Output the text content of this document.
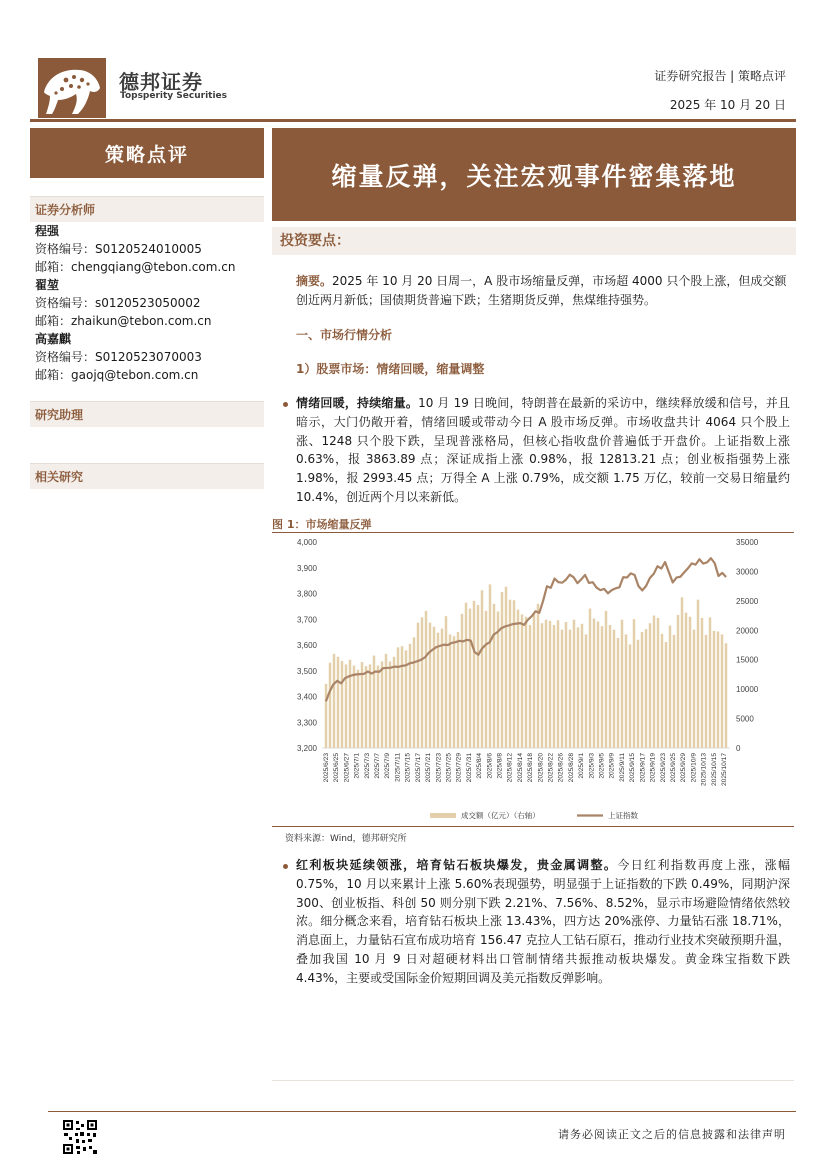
德邦证券
Topsperity Securities
证券研究报告 | 策略点评
2025 年 10 月 20 日
策略点评
缩量反弹，关注宏观事件密集落地
证券分析师
程强
资格编号：S0120524010005
邮箱：chengqiang@tebon.com.cn
翟堃
资格编号：s0120523050002
邮箱：zhaikun@tebon.com.cn
高嘉麒
资格编号：S0120523070003
邮箱：gaojq@tebon.com.cn
研究助理
相关研究
投资要点：
摘要。2025 年 10 月 20 日周一，A 股市场缩量反弹，市场超 4000 只个股上涨，但成交额创近两月新低；国债期货普遍下跌；生猪期货反弹，焦煤维持强势。
一、市场行情分析
1）股票市场：情绪回暖，缩量调整
情绪回暖，持续缩量。10 月 19 日晚间，特朗普在最新的采访中，继续释放缓和信号，并且暗示，大门仍敞开着，情绪回暖或带动今日 A 股市场反弹。市场收盘共计 4064 只个股上涨、1248 只个股下跌，呈现普涨格局，但核心指收盘价普遍低于开盘价。上证指数上涨 0.63%，报 3863.89 点；深证成指上涨 0.98%，报 12813.21 点；创业板指强势上涨 1.98%，报 2993.45 点；万得全 A 上涨 0.79%，成交额 1.75 万亿，较前一交易日缩量约 10.4%，创近两个月以来新低。
图 1：市场缩量反弹
3,200
3,300
3,400
3,500
3,600
3,700
3,800
3,900
4,000
0
5000
10000
15000
20000
25000
30000
35000
2025/6/23 2025/6/25 2025/6/27 2025/7/1 2025/7/3 2025/7/7 2025/7/9 2025/7/11 2025/7/15 2025/7/17 2025/7/21 2025/7/23 2025/7/25 2025/7/29 2025/7/31 2025/8/4 2025/8/6 2025/8/8 2025/8/12 2025/8/14 2025/8/18 2025/8/20 2025/8/22 2025/8/26 2025/8/28 2025/9/1 2025/9/3 2025/9/5 2025/9/9 2025/9/11 2025/9/15 2025/9/17 2025/9/19 2025/9/23 2025/9/25 2025/9/29 2025/10/9 2025/10/13 2025/10/15 2025/10/17
成交额（亿元）（右轴）	上证指数
资料来源：Wind，德邦研究所
红利板块延续领涨，培育钻石板块爆发，贵金属调整。今日红利指数再度上涨，涨幅 0.75%，10 月以来累计上涨 5.60%表现强势，明显强于上证指数的下跌 0.49%，同期沪深 300、创业板指、科创 50 则分别下跌 2.21%、7.56%、8.52%，显示市场避险情绪依然较浓。细分概念来看，培育钻石板块上涨 13.43%，四方达 20%涨停、力量钻石涨 18.71%，消息面上，力量钻石宣布成功培育 156.47 克拉人工钻石原石，推动行业技术突破预期升温，叠加我国 10 月 9 日对超硬材料出口管制情绪共振推动板块爆发。黄金珠宝指数下跌 4.43%，主要或受国际金价短期回调及美元指数反弹影响。
请务必阅读正文之后的信息披露和法律声明
